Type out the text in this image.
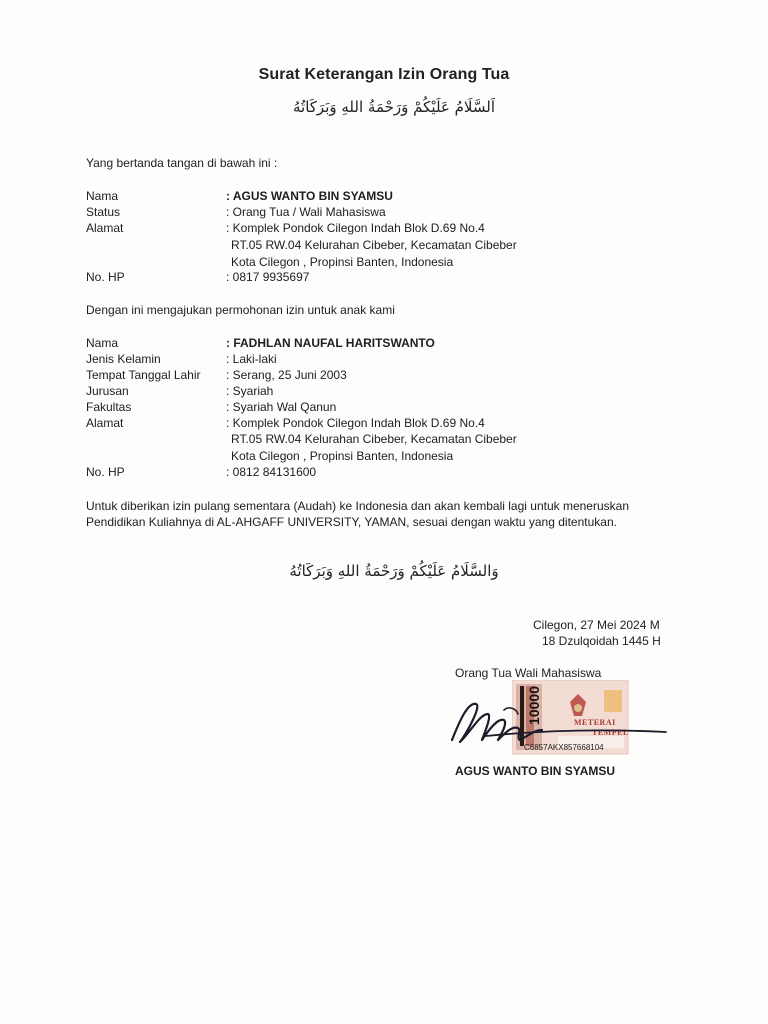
Surat Keterangan Izin Orang Tua
اَلسَّلَامُ عَلَيْكُمْ وَرَحْمَةُ اللهِ وَبَرَكَاتُهُ
Yang bertanda tangan di bawah ini :
Nama	: AGUS WANTO BIN SYAMSU
Status	: Orang Tua / Wali Mahasiswa
Alamat	: Komplek Pondok Cilegon Indah Blok D.69 No.4
RT.05 RW.04 Kelurahan Cibeber, Kecamatan Cibeber
Kota Cilegon , Propinsi Banten, Indonesia
No. HP	: 0817 9935697
Dengan ini mengajukan permohonan izin untuk anak kami
Nama	: FADHLAN NAUFAL HARITSWANTO
Jenis Kelamin	: Laki-laki
Tempat Tanggal Lahir	: Serang, 25 Juni 2003
Jurusan	: Syariah
Fakultas	: Syariah Wal Qanun
Alamat	: Komplek Pondok Cilegon Indah Blok D.69 No.4
RT.05 RW.04 Kelurahan Cibeber, Kecamatan Cibeber
Kota Cilegon , Propinsi Banten, Indonesia
No. HP	: 0812 84131600
Untuk diberikan izin pulang sementara (Audah) ke Indonesia dan akan kembali lagi untuk meneruskan
Pendidikan Kuliahnya di AL-AHGAFF UNIVERSITY, YAMAN, sesuai dengan waktu yang ditentukan.
وَالسَّلَامُ عَلَيْكُمْ وَرَحْمَةُ اللهِ وَبَرَكَاتُهُ
Cilegon, 27 Mei 2024 M
18 Dzulqoidah 1445 H
Orang Tua Wali Mahasiswa
10000	METERAI
TEMPEL
C6857AKX857668104
AGUS WANTO BIN SYAMSU
